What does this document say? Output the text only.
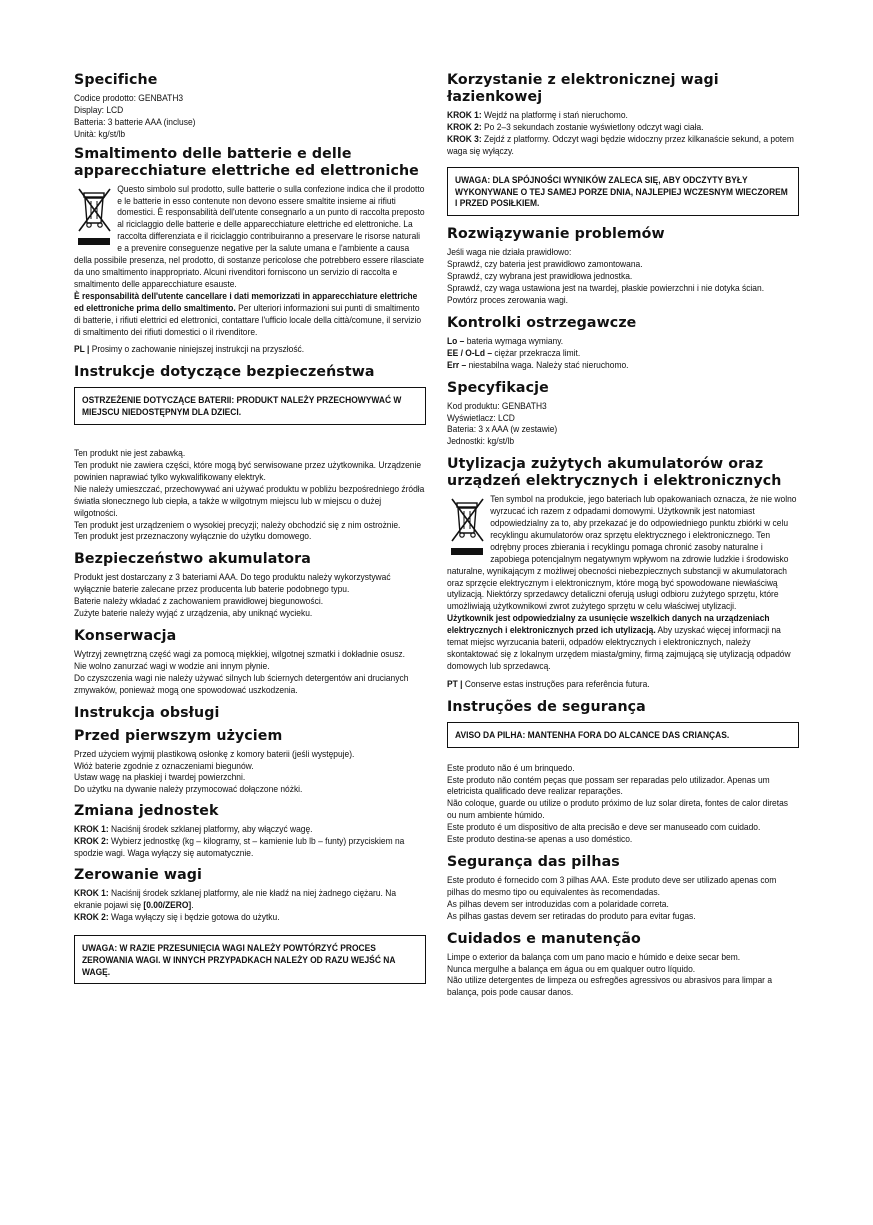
Specifiche
Codice prodotto: GENBATH3
Display: LCD
Batteria: 3 batterie AAA (incluse)
Unità: kg/st/lb
Smaltimento delle batterie e delle apparecchiature elettriche ed elettroniche
Questo simbolo sul prodotto, sulle batterie o sulla confezione indica che il prodotto e le batterie in esso contenute non devono essere smaltite insieme ai rifiuti domestici. È responsabilità dell'utente consegnarlo a un punto di raccolta preposto al riciclaggio delle batterie e delle apparecchiature elettriche ed elettroniche. La raccolta differenziata e il riciclaggio contribuiranno a preservare le risorse naturali e a prevenire conseguenze negative per la salute umana e l'ambiente a causa della possibile presenza, nel prodotto, di sostanze pericolose che potrebbero essere rilasciate da uno smaltimento inappropriato. Alcuni rivenditori forniscono un servizio di raccolta e smaltimento delle apparecchiature esauste.
È responsabilità dell'utente cancellare i dati memorizzati in apparecchiature elettriche ed elettroniche prima dello smaltimento. Per ulteriori informazioni sui punti di smaltimento di batterie, i rifiuti elettrici ed elettronici, contattare l'ufficio locale della città/comune, il servizio di smaltimento dei rifiuti domestici o il rivenditore.
PL | Prosimy o zachowanie niniejszej instrukcji na przyszłość.
Instrukcje dotyczące bezpieczeństwa
OSTRZEŻENIE DOTYCZĄCE BATERII: PRODUKT NALEŻY PRZECHOWYWAĆ W MIEJSCU NIEDOSTĘPNYM DLA DZIECI.
Ten produkt nie jest zabawką.
Ten produkt nie zawiera części, które mogą być serwisowane przez użytkownika. Urządzenie powinien naprawiać tylko wykwalifikowany elektryk.
Nie należy umieszczać, przechowywać ani używać produktu w pobliżu bezpośredniego źródła światła słonecznego lub ciepła, a także w wilgotnym miejscu lub w miejscu o dużej wilgotności.
Ten produkt jest urządzeniem o wysokiej precyzji; należy obchodzić się z nim ostrożnie.
Ten produkt jest przeznaczony wyłącznie do użytku domowego.
Bezpieczeństwo akumulatora
Produkt jest dostarczany z 3 bateriami AAA. Do tego produktu należy wykorzystywać wyłącznie baterie zalecane przez producenta lub baterie podobnego typu.
Baterie należy wkładać z zachowaniem prawidłowej biegunowości.
Zużyte baterie należy wyjąć z urządzenia, aby uniknąć wycieku.
Konserwacja
Wytrzyj zewnętrzną część wagi za pomocą miękkiej, wilgotnej szmatki i dokładnie osusz.
Nie wolno zanurzać wagi w wodzie ani innym płynie.
Do czyszczenia wagi nie należy używać silnych lub ściernych detergentów ani drucianych zmywaków, ponieważ mogą one spowodować uszkodzenia.
Instrukcja obsługi
Przed pierwszym użyciem
Przed użyciem wyjmij plastikową osłonkę z komory baterii (jeśli występuje).
Włóż baterie zgodnie z oznaczeniami biegunów.
Ustaw wagę na płaskiej i twardej powierzchni.
Do użytku na dywanie należy przymocować dołączone nóżki.
Zmiana jednostek
KROK 1: Naciśnij środek szklanej platformy, aby włączyć wagę.
KROK 2: Wybierz jednostkę (kg – kilogramy, st – kamienie lub lb – funty) przyciskiem na spodzie wagi. Waga wyłączy się automatycznie.
Zerowanie wagi
KROK 1: Naciśnij środek szklanej platformy, ale nie kładź na niej żadnego ciężaru. Na ekranie pojawi się [0.00/ZERO].
KROK 2: Waga wyłączy się i będzie gotowa do użytku.
UWAGA: W RAZIE PRZESUNIĘCIA WAGI NALEŻY POWTÓRZYĆ PROCES ZEROWANIA WAGI. W INNYCH PRZYPADKACH NALEŻY OD RAZU WEJŚĆ NA WAGĘ.
Korzystanie z elektronicznej wagi łazienkowej
KROK 1: Wejdź na platformę i stań nieruchomo.
KROK 2: Po 2–3 sekundach zostanie wyświetlony odczyt wagi ciała.
KROK 3: Zejdź z platformy. Odczyt wagi będzie widoczny przez kilkanaście sekund, a potem waga się wyłączy.
UWAGA: DLA SPÓJNOŚCI WYNIKÓW ZALECA SIĘ, ABY ODCZYTY BYŁY WYKONYWANE O TEJ SAMEJ PORZE DNIA, NAJLEPIEJ WCZESNYM WIECZOREM I PRZED POSIŁKIEM.
Rozwiązywanie problemów
Jeśli waga nie działa prawidłowo:
Sprawdź, czy bateria jest prawidłowo zamontowana.
Sprawdź, czy wybrana jest prawidłowa jednostka.
Sprawdź, czy waga ustawiona jest na twardej, płaskie powierzchni i nie dotyka ścian.
Powtórz proces zerowania wagi.
Kontrolki ostrzegawcze
Lo – bateria wymaga wymiany.
EE / O-Ld – ciężar przekracza limit.
Err – niestabilna waga. Należy stać nieruchomo.
Specyfikacje
Kod produktu: GENBATH3
Wyświetlacz: LCD
Bateria: 3 x AAA (w zestawie)
Jednostki: kg/st/lb
Utylizacja zużytych akumulatorów oraz urządzeń elektrycznych i elektronicznych
Ten symbol na produkcie, jego bateriach lub opakowaniach oznacza, że nie wolno wyrzucać ich razem z odpadami domowymi. Użytkownik jest natomiast odpowiedzialny za to, aby przekazać je do odpowiedniego punktu zbiórki w celu recyklingu akumulatorów oraz sprzętu elektrycznego i elektronicznego. Ten odrębny proces zbierania i recyklingu pomaga chronić zasoby naturalne i zapobiega potencjalnym negatywnym wpływom na zdrowie ludzkie i środowisko naturalne, wynikającym z możliwej obecności niebezpiecznych substancji w akumulatorach oraz sprzęcie elektrycznym i elektronicznym, które mogą być spowodowane niewłaściwą utylizacją. Niektórzy sprzedawcy detaliczni oferują usługi odbioru zużytego sprzętu, które umożliwiają użytkownikowi zwrot zużytego sprzętu w celu właściwej utylizacji.
Użytkownik jest odpowiedzialny za usunięcie wszelkich danych na urządzeniach elektrycznych i elektronicznych przed ich utylizacją. Aby uzyskać więcej informacji na temat miejsc wyrzucania baterii, odpadów elektrycznych i elektronicznych, należy skontaktować się z lokalnym urzędem miasta/gminy, firmą zajmującą się utylizacją odpadów domowych lub sprzedawcą.
PT | Conserve estas instruções para referência futura.
Instruções de segurança
AVISO DA PILHA: MANTENHA FORA DO ALCANCE DAS CRIANÇAS.
Este produto não é um brinquedo.
Este produto não contém peças que possam ser reparadas pelo utilizador. Apenas um eletricista qualificado deve realizar reparações.
Não coloque, guarde ou utilize o produto próximo de luz solar direta, fontes de calor diretas ou num ambiente húmido.
Este produto é um dispositivo de alta precisão e deve ser manuseado com cuidado.
Este produto destina-se apenas a uso doméstico.
Segurança das pilhas
Este produto é fornecido com 3 pilhas AAA. Este produto deve ser utilizado apenas com pilhas do mesmo tipo ou equivalentes às recomendadas.
As pilhas devem ser introduzidas com a polaridade correta.
As pilhas gastas devem ser retiradas do produto para evitar fugas.
Cuidados e manutenção
Limpe o exterior da balança com um pano macio e húmido e deixe secar bem.
Nunca mergulhe a balança em água ou em qualquer outro líquido.
Não utilize detergentes de limpeza ou esfregões agressivos ou abrasivos para limpar a balança, pois pode causar danos.
